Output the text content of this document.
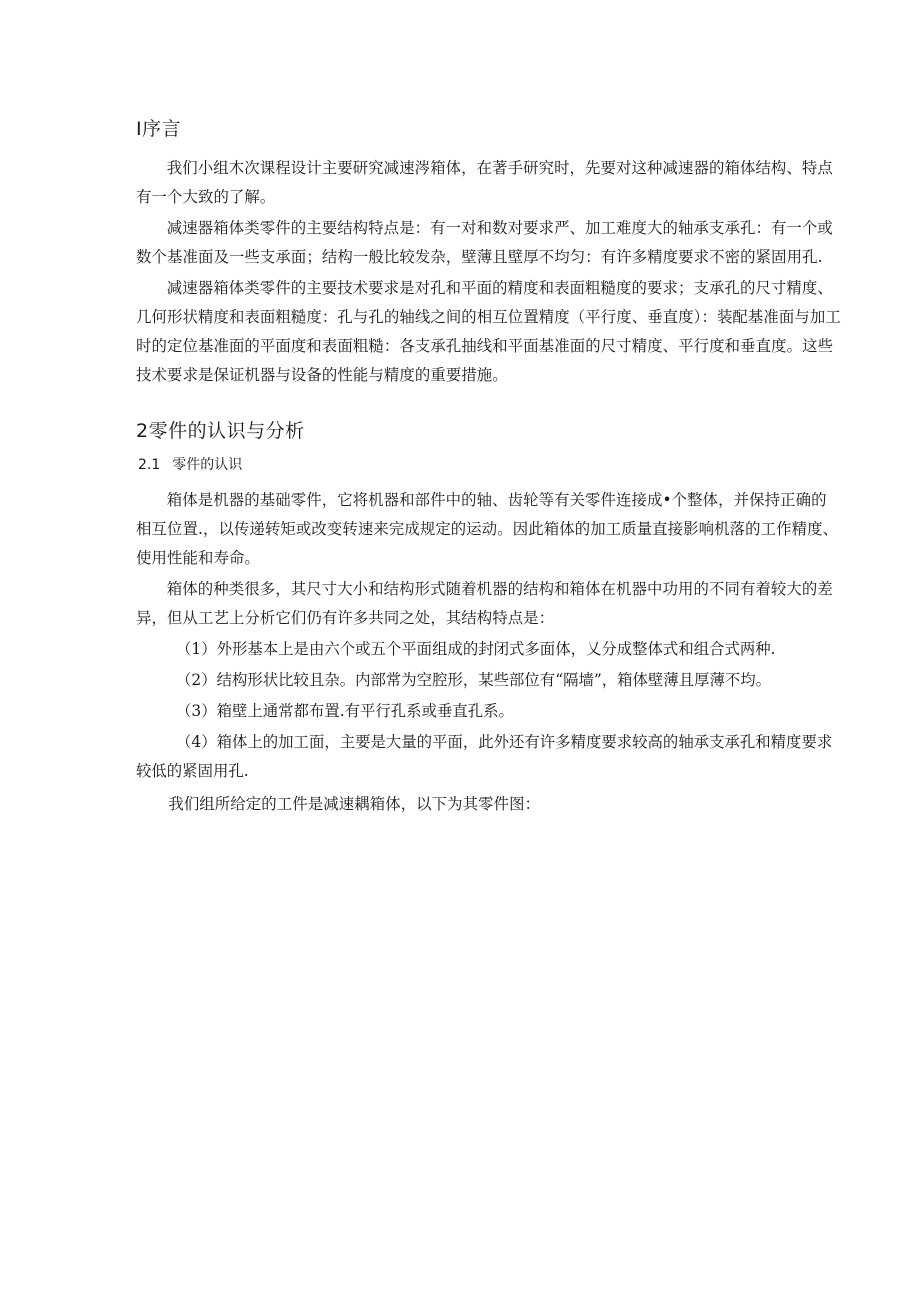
I序言

我们小组木次课程设计主要研究减速涔箱体，在著手研究时，先要对这种减速器的箱体结构、特点有一个大致的了解。

减速器箱体类零件的主要结构特点是：有一对和数对要求严、加工难度大的轴承支承孔：有一个或数个基准面及一些支承面；结构一般比较发杂，壁薄且壁厚不均匀：有许多精度要求不密的紧固用孔.

减速器箱体类零件的主要技术要求是对孔和平面的精度和表面粗糙度的要求；支承孔的尺寸精度、几何形状精度和表面粗糙度：孔与孔的轴线之间的相互位置精度（平行度、垂直度）：装配基准面与加工时的定位基准面的平面度和表面粗糙：各支承孔抽线和平面基准面的尺寸精度、平行度和垂直度。这些技术要求是保证机器与设备的性能与精度的重要措施。

2零件的认识与分析
2.1 零件的认识

箱体是机器的基础零件，它将机器和部件中的轴、齿轮等有关零件连接成•个整体，并保持正确的相互位置.，以传递转矩或改变转速来完成规定的运动。因此箱体的加工质量直接影响机落的工作精度、使用性能和寿命。

箱体的种类很多，其尺寸大小和结构形式随着机器的结构和箱体在机器中功用的不同有着较大的差异，但从工艺上分析它们仍有许多共同之处，其结构特点是：

（1）外形基本上是由六个或五个平面组成的封闭式多面体，乂分成整体式和组合式两种.

（2）结构形状比较且杂。内部常为空腔形，某些部位有“隔墙”，箱体壁薄且厚薄不均。

（3）箱壁上通常都布置.有平行孔系或垂直孔系。

（4）箱体上的加工面，主要是大量的平面，此外还有许多精度要求较高的轴承支承孔和精度要求较低的紧固用孔.

我们组所给定的工件是减速耦箱体，以下为其零件图：
